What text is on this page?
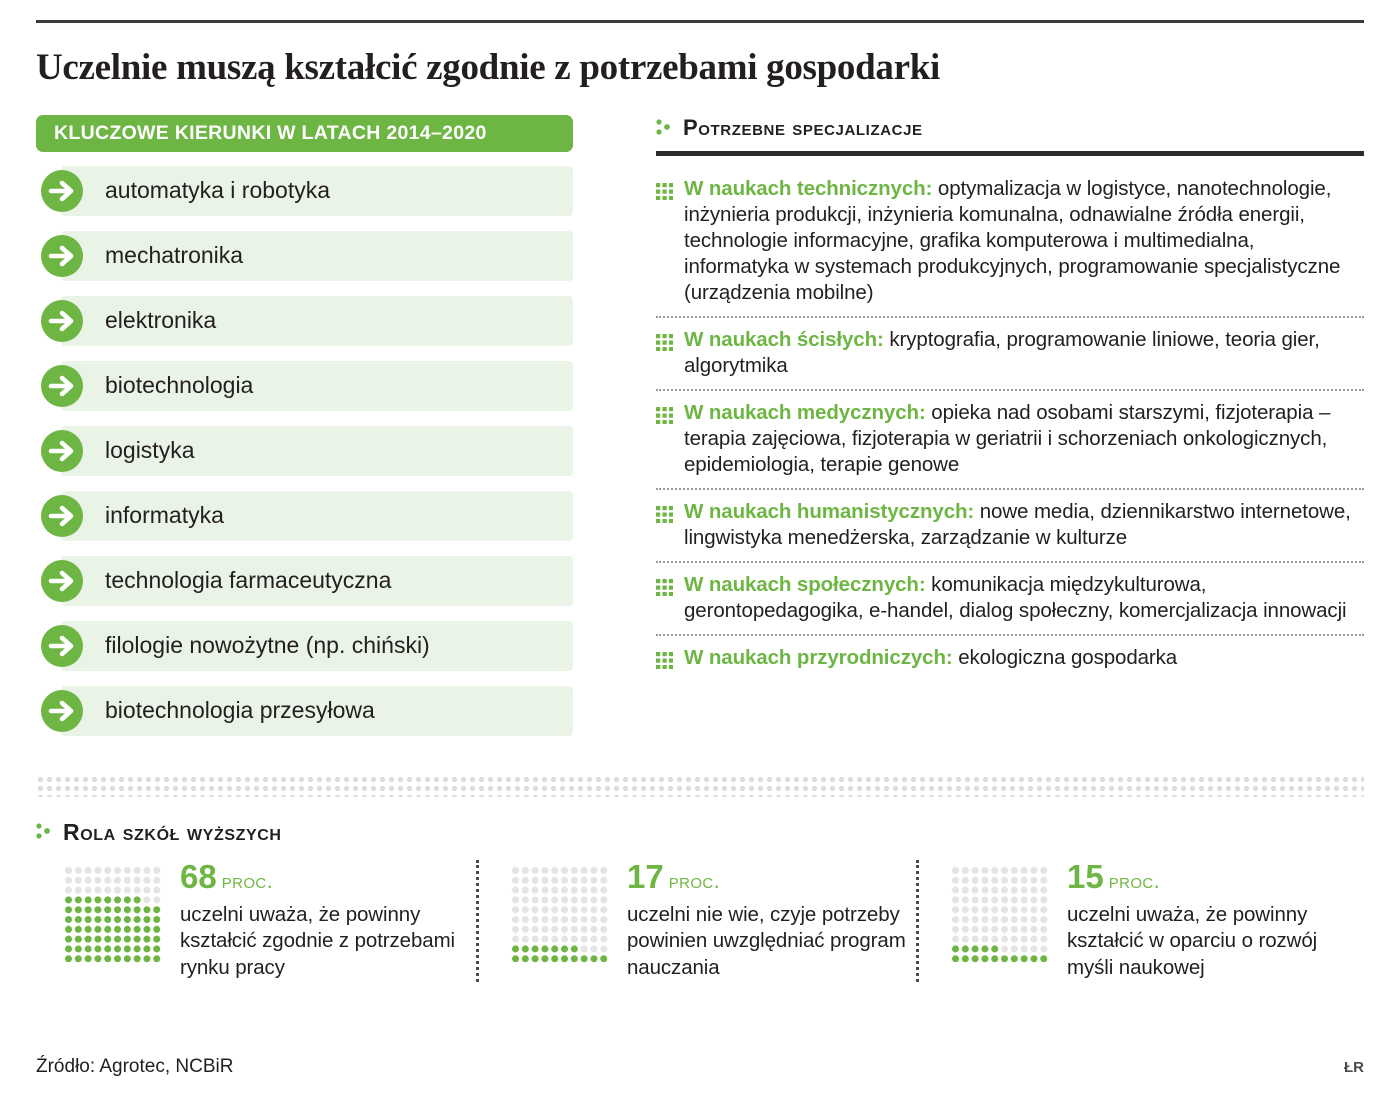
Uczelnie muszą kształcić zgodnie z potrzebami gospodarki
KLUCZOWE KIERUNKI W LATACH 2014–2020
automatyka i robotyka
mechatronika
elektronika
biotechnologia
logistyka
informatyka
technologia farmaceutyczna
filologie nowożytne (np. chiński)
biotechnologia przesyłowa
Potrzebne specjalizacje
W naukach technicznych: optymalizacja w logistyce, nanotechnologie, inżynieria produkcji, inżynieria komunalna, odnawialne źródła energii, technologie informacyjne, grafika komputerowa i multimedialna, informatyka w systemach produkcyjnych, programowanie specjalistyczne (urządzenia mobilne)
W naukach ścisłych: kryptografia, programowanie liniowe, teoria gier, algorytmika
W naukach medycznych: opieka nad osobami starszymi, fizjoterapia – terapia zajęciowa, fizjoterapia w geriatrii i schorzeniach onkologicznych, epidemiologia, terapie genowe
W naukach humanistycznych: nowe media, dziennikarstwo internetowe, lingwistyka menedżerska, zarządzanie w kulturze
W naukach społecznych: komunikacja międzykulturowa, gerontopedagogika, e-handel, dialog społeczny, komercjalizacja innowacji
W naukach przyrodniczych: ekologiczna gospodarka
Rola szkół wyższych
68 proc.
uczelni uważa, że powinny kształcić zgodnie z potrzebami rynku pracy
17 proc.
uczelni nie wie, czyje potrzeby powinien uwzględniać program nauczania
15 proc.
uczelni uważa, że powinny kształcić w oparciu o rozwój myśli naukowej
Źródło: Agrotec, NCBiR	ŁR
